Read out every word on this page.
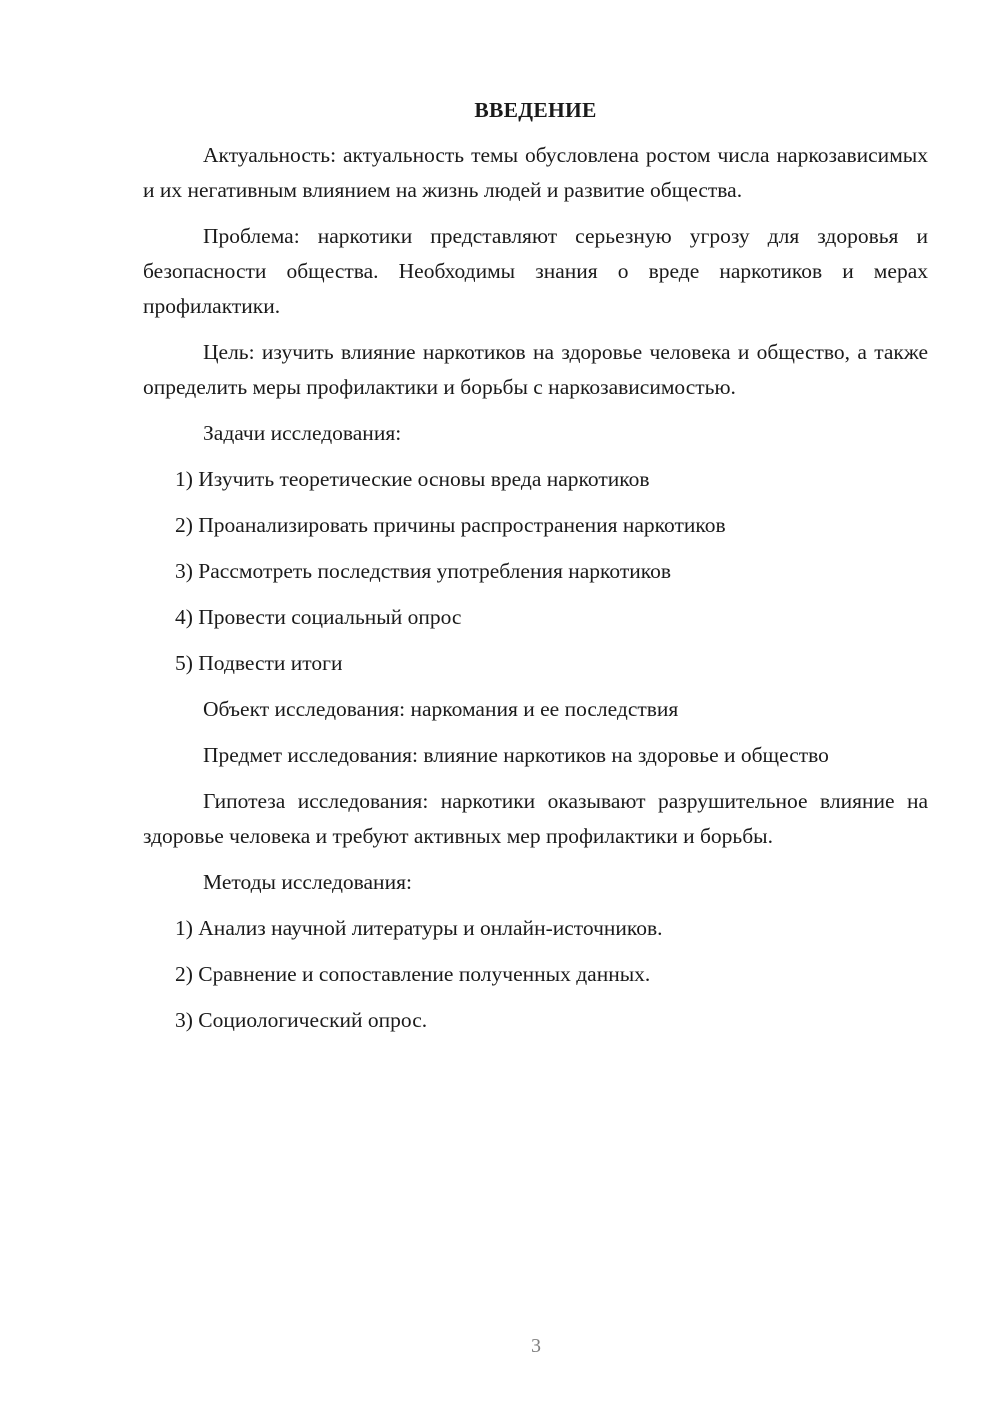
ВВЕДЕНИЕ

Актуальность: актуальность темы обусловлена ростом числа наркозависимых и их негативным влиянием на жизнь людей и развитие общества.

Проблема: наркотики представляют серьезную угрозу для здоровья и безопасности общества. Необходимы знания о вреде наркотиков и мерах профилактики.

Цель: изучить влияние наркотиков на здоровье человека и общество, а также определить меры профилактики и борьбы с наркозависимостью.

Задачи исследования:

1) Изучить теоретические основы вреда наркотиков
2) Проанализировать причины распространения наркотиков
3) Рассмотреть последствия употребления наркотиков
4) Провести социальный опрос
5) Подвести итоги

Объект исследования: наркомания и ее последствия

Предмет исследования: влияние наркотиков на здоровье и общество

Гипотеза исследования: наркотики оказывают разрушительное влияние на здоровье человека и требуют активных мер профилактики и борьбы.

Методы исследования:

1) Анализ научной литературы и онлайн-источников.
2) Сравнение и сопоставление полученных данных.
3) Социологический опрос.
3
